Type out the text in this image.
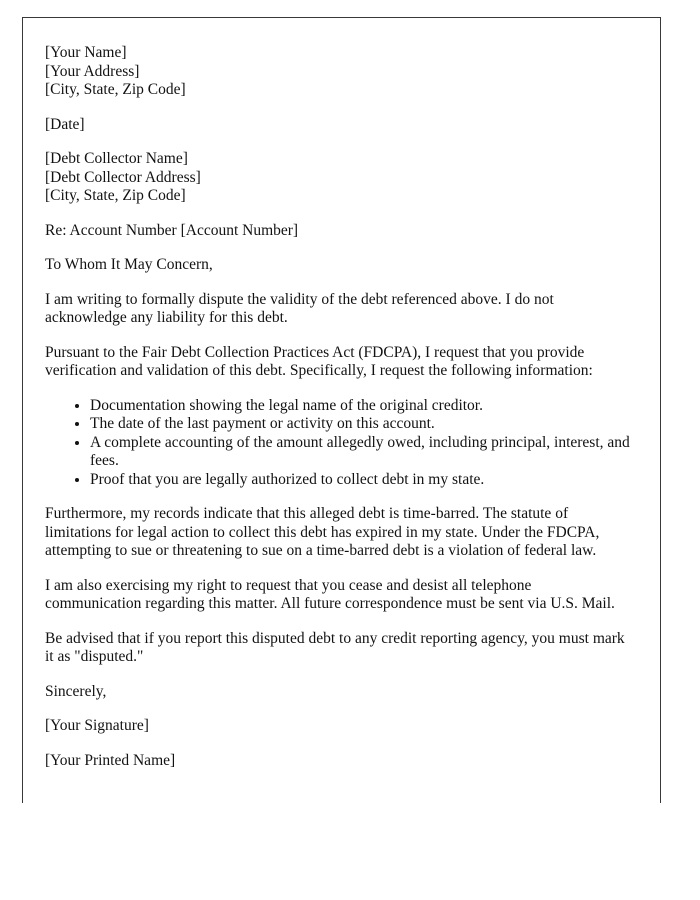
[Your Name]
[Your Address]
[City, State, Zip Code]

[Date]

[Debt Collector Name]
[Debt Collector Address]
[City, State, Zip Code]

Re: Account Number [Account Number]

To Whom It May Concern,

I am writing to formally dispute the validity of the debt referenced above. I do not acknowledge any liability for this debt.

Pursuant to the Fair Debt Collection Practices Act (FDCPA), I request that you provide verification and validation of this debt. Specifically, I request the following information:

• Documentation showing the legal name of the original creditor.
• The date of the last payment or activity on this account.
• A complete accounting of the amount allegedly owed, including principal, interest, and fees.
• Proof that you are legally authorized to collect debt in my state.

Furthermore, my records indicate that this alleged debt is time-barred. The statute of limitations for legal action to collect this debt has expired in my state. Under the FDCPA, attempting to sue or threatening to sue on a time-barred debt is a violation of federal law.

I am also exercising my right to request that you cease and desist all telephone communication regarding this matter. All future correspondence must be sent via U.S. Mail.

Be advised that if you report this disputed debt to any credit reporting agency, you must mark it as "disputed."

Sincerely,

[Your Signature]

[Your Printed Name]
